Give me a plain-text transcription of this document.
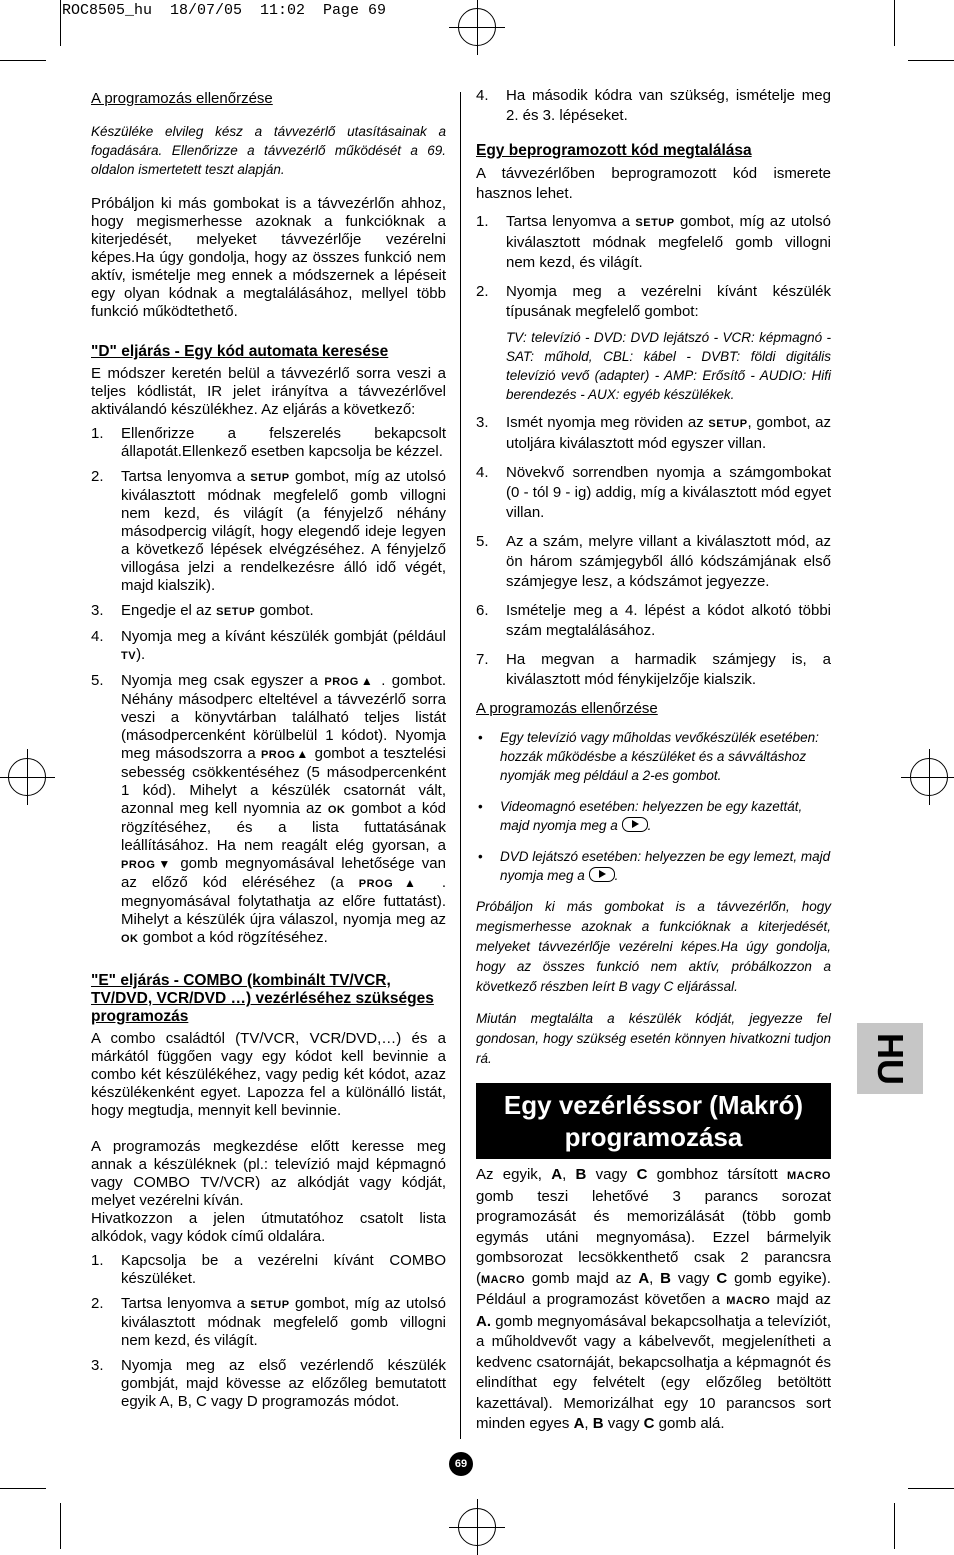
ROC8505_hu  18/07/05  11:02  Page 69
A programozás ellenőrzése

Készüléke elvileg kész a távvezérlő utasításainak a fogadására. Ellenőrizze a távvezérlő működését a 69. oldalon ismertetett teszt alapján.

Próbáljon ki más gombokat is a távvezérlőn ahhoz, hogy megismerhesse azoknak a funkcióknak a kiterjedését, melyeket távvezérlője vezérelni képes.Ha úgy gondolja, hogy az összes funkció nem aktív, ismételje meg ennek a módszernek a lépéseit egy olyan kódnak a megtalálásához, mellyel több funkció működtethető.

"D" eljárás - Egy kód automata keresése

E módszer keretén belül a távvezérlő sorra veszi a teljes kódlistát, IR jelet irányítva a távvezérlővel aktiválandó készülékhez. Az eljárás a következő:

1. Ellenőrizze a felszerelés bekapcsolt állapotát.Ellenkező esetben kapcsolja be kézzel.
2. Tartsa lenyomva a SETUP gombot, míg az utolsó kiválasztott módnak megfelelő gomb villogni nem kezd, és világít (a fényjelző néhány másodpercig világít, hogy elegendő ideje legyen a következő lépések elvégzéséhez. A fényjelző villogása jelzi a rendelkezésre álló idő végét, majd kialszik).
3. Engedje el az SETUP gombot.
4. Nyomja meg a kívánt készülék gombját (például TV).
5. Nyomja meg csak egyszer a PROG ▲ . gombot. Néhány másodperc elteltével a távvezérlő sorra veszi a könyvtárban található teljes listát (másodpercenként körülbelül 1 kódot). Nyomja meg másodszorra a PROG ▲ gombot a tesztelési sebesség csökkentéséhez (5 másodpercenként 1 kód). Mihelyt a készülék csatornát vált, azonnal meg kell nyomnia az OK gombot a kód rögzítéséhez, és a lista futtatásának leállításához. Ha nem reagált elég gyorsan, a PROG ▼ gomb megnyomásával lehetősége van az előző kód eléréséhez (a PROG ▲	. megnyomásával folytathatja az előre futtatást). Mihelyt a készülék újra válaszol, nyomja meg az OK gombot a kód rögzítéséhez.
"E" eljárás - COMBO (kombinált TV/VCR, TV/DVD, VCR/DVD …) vezérléséhez szükséges programozás

A combo családtól (TV/VCR, VCR/DVD,…) és a márkától függően vagy egy kódot kell bevinnie a combo két készülékéhez, vagy pedig két kódot, azaz készülékenként egyet. Lapozza fel a különálló listát, hogy megtudja, mennyit kell bevinnie.

A programozás megkezdése előtt keresse meg annak a készüléknek (pl.: televízió majd képmagnó vagy COMBO TV/VCR) az alkódját vagy kódját, melyet vezérelni kíván.

Hivatkozzon a jelen útmutatóhoz csatolt lista alkódok, vagy kódok című oldalára.

1. Kapcsolja be a vezérelni kívánt COMBO készüléket.
2. Tartsa lenyomva a SETUP gombot, míg az utolsó kiválasztott módnak megfelelő gomb villogni nem kezd, és világít.
3. Nyomja meg az első vezérlendő készülék gombját, majd kövesse az előzőleg bemutatott egyik A, B, C vagy D programozás módot.
4. Ha második kódra van szükség, ismételje meg 2. és 3. lépéseket.
Egy beprogramozott kód megtalálása

A távvezérlőben beprogramozott kód ismerete hasznos lehet.

1. Tartsa lenyomva a SETUP gombot, míg az utolsó kiválasztott módnak megfelelő gomb villogni nem kezd, és világít.
2. Nyomja meg a vezérelni kívánt készülék típusának megfelelő gombot:
TV: televízió - DVD: DVD lejátszó - VCR: képmagnó - SAT: műhold, CBL: kábel - DVBT: földi digitális televízió vevő (adapter) - AMP: Erősítő - AUDIO: Hifi berendezés - AUX: egyéb készülékek.
3. Ismét nyomja meg röviden az SETUP, gombot, az utoljára kiválasztott mód egyszer villan.
4. Növekvő sorrendben nyomja a számgombokat (0 - tól 9 - ig) addig, míg a kiválasztott mód egyet villan.
5. Az a szám, melyre villant a kiválasztott mód, az ön három számjegyből álló kódszámjának első számjegye lesz, a kódszámot jegyezze.
6. Ismételje meg a 4. lépést a kódot alkotó többi szám megtalálásához.
7. Ha megvan a harmadik számjegy is, a kiválasztott mód fénykijelzője kialszik.
A programozás ellenőrzése
• Egy televízió vagy műholdas vevőkészülék esetében: hozzák működésbe a készüléket és a sávváltáshoz nyomják meg például a 2-es gombot.
• Videomagnó esetében: helyezzen be egy kazettát, majd nyomja meg a .
• DVD lejátszó esetében: helyezzen be egy lemezt, majd nyomja meg a .

Próbáljon ki más gombokat is a távvezérlőn, hogy megismerhesse azoknak a funkcióknak a kiterjedését, melyeket távvezérlője vezérelni képes.Ha úgy gondolja, hogy az összes funkció nem aktív, próbálkozzon a következő részben leírt B vagy C eljárással.

Miután megtalálta a készülék kódját, jegyezze fel gondosan, hogy szükség esetén könnyen hivatkozni tudjon rá.

Egy vezérléssor (Makró)
programozása

Az egyik, A, B vagy C gombhoz társított MACRO gomb teszi lehetővé 3 parancs sorozat programozását és memorizálását (több gomb egymás utáni megnyomása). Ezzel bármelyik gombsorozat lecsökkenthető csak 2 parancsra (MACRO gomb majd az A, B vagy C gomb egyike). Például a programozást követően a MACRO majd az A. gomb megnyomásával bekapcsolhatja a televíziót, a műholdvevőt vagy a kábelvevőt, megjelenítheti a kedvenc csatornáját, bekapcsolhatja a képmagnót és elindíthat egy felvételt (egy előzőleg betöltött kazettával). Memorizálhat egy 10 parancsos sort minden egyes A, B vagy C gomb alá.

HU
69
